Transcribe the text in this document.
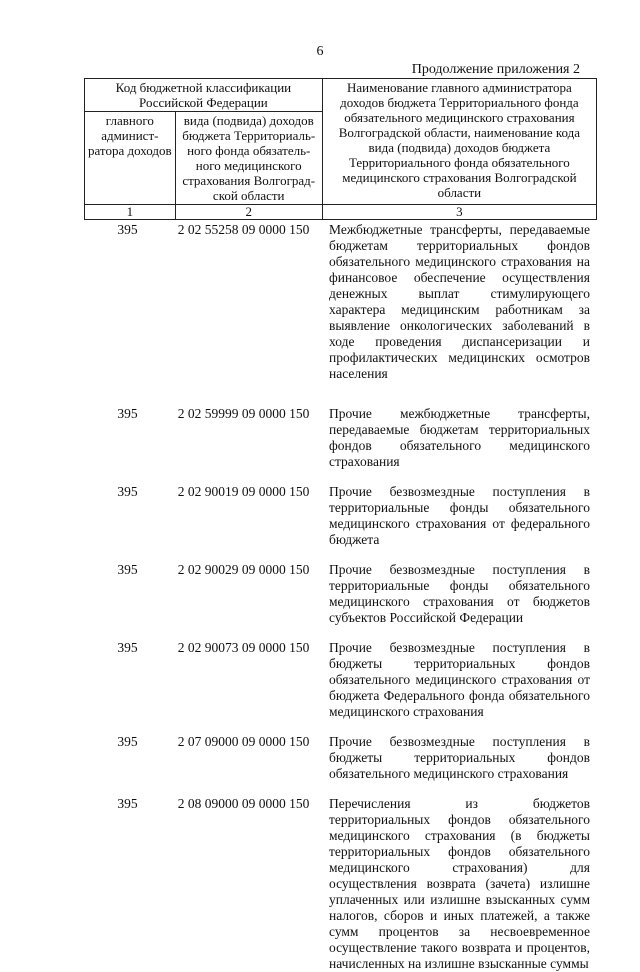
6
Продолжение приложения 2
Код бюджетной классификации Российской Федерации		Наименование главного администратора доходов бюджета Территориального фонда обязательного медицинского страхования Волгоградской области, наименование кода вида (подвида) доходов бюджета Территориального фонда обязательного медицинского страхования Волгоградской области
главного админист-ратора доходов	вида (подвида) доходов бюджета Территориаль-ного фонда обязатель-ного медицинского страхования Волгоград-ской области	
1	2	3
395	2 02 55258 09 0000 150	Межбюджетные трансферты, передаваемые бюджетам территориальных фондов обязательного медицинского страхования на финансовое обеспечение осуществления денежных выплат стимулирующего характера медицинским работникам за выявление онкологических заболеваний в ходе проведения диспансеризации и профилактических медицинских осмотров населения
395	2 02 59999 09 0000 150	Прочие межбюджетные трансферты, передаваемые бюджетам территориальных фондов обязательного медицинского страхования
395	2 02 90019 09 0000 150	Прочие безвозмездные поступления в территориальные фонды обязательного медицинского страхования от федерального бюджета
395	2 02 90029 09 0000 150	Прочие безвозмездные поступления в территориальные фонды обязательного медицинского страхования от бюджетов субъектов Российской Федерации
395	2 02 90073 09 0000 150	Прочие безвозмездные поступления в бюджеты территориальных фондов обязательного медицинского страхования от бюджета Федерального фонда обязательного медицинского страхования
395	2 07 09000 09 0000 150	Прочие безвозмездные поступления в бюджеты территориальных фондов обязательного медицинского страхования
395	2 08 09000 09 0000 150	Перечисления из бюджетов территориальных фондов обязательного медицинского страхования (в бюджеты территориальных фондов обязательного медицинского страхования) для осуществления возврата (зачета) излишне уплаченных или излишне взысканных сумм налогов, сборов и иных платежей, а также сумм процентов за несвоевременное осуществление такого возврата и процентов, начисленных на излишне взысканные суммы
